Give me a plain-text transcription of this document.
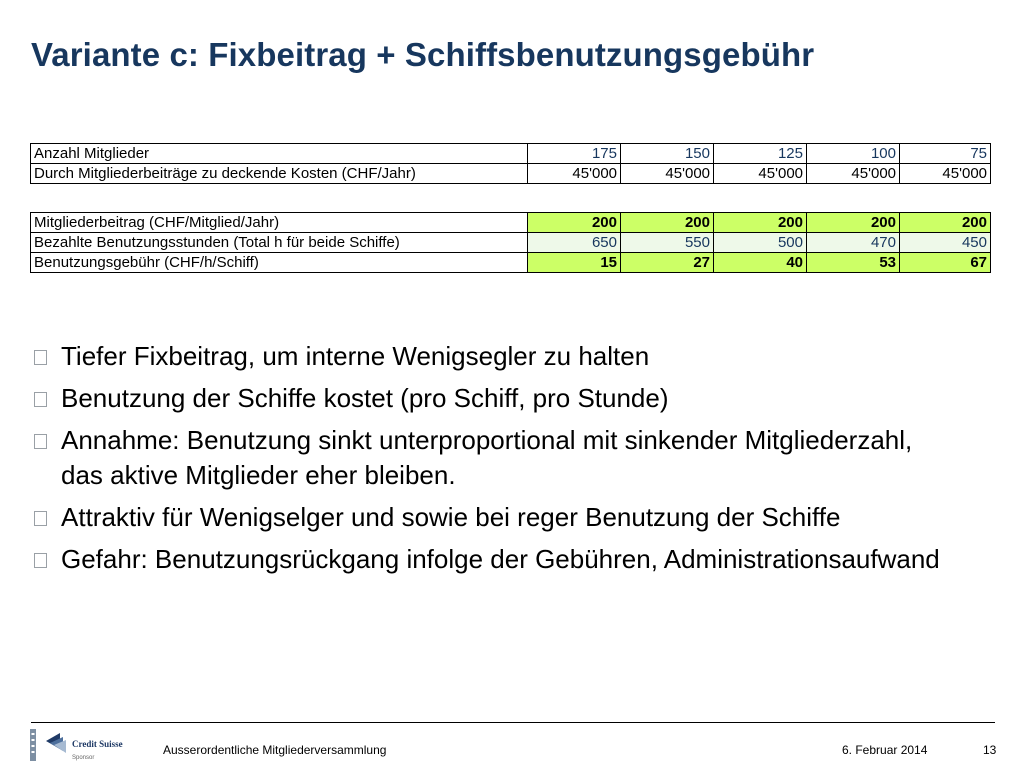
Variante c: Fixbeitrag + Schiffsbenutzungsgebühr
Anzahl Mitglieder	175	150	125	100	75
Durch Mitgliederbeiträge zu deckende Kosten (CHF/Jahr)	45'000	45'000	45'000	45'000	45'000
Mitgliederbeitrag (CHF/Mitglied/Jahr)	200	200	200	200	200
Bezahlte Benutzungsstunden (Total h für beide Schiffe)	650	550	500	470	450
Benutzungsgebühr (CHF/h/Schiff)	15	27	40	53	67
Tiefer Fixbeitrag, um interne Wenigsegler zu halten
Benutzung der Schiffe kostet (pro Schiff, pro Stunde)
Annahme: Benutzung sinkt unterproportional mit sinkender Mitgliederzahl, das aktive Mitglieder eher bleiben.
Attraktiv für Wenigselger und sowie bei reger Benutzung der Schiffe
Gefahr: Benutzungsrückgang infolge der Gebühren, Administrationsaufwand
Credit Suisse
Sponsor
Ausserordentliche Mitgliederversammlung	6. Februar 2014	13
